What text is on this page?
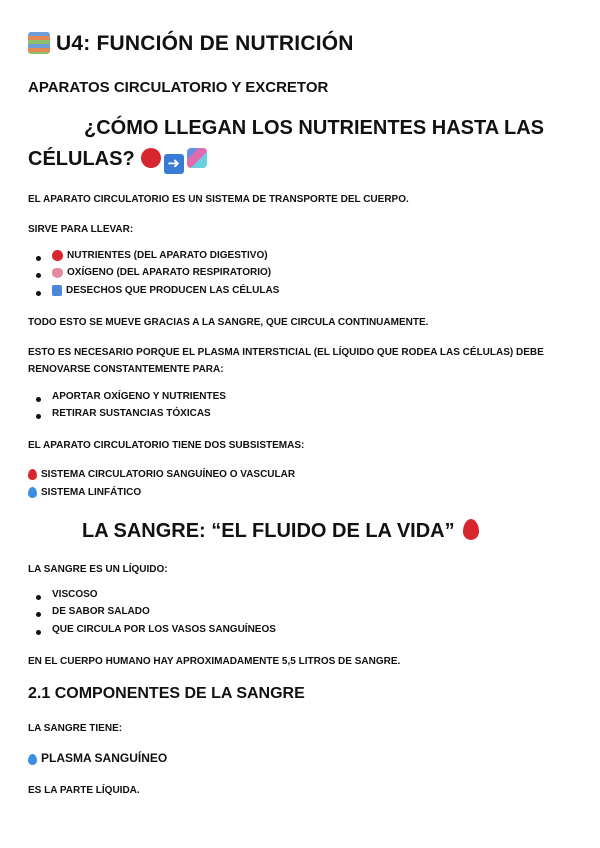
U4: FUNCIÓN DE NUTRICIÓN
APARATOS CIRCULATORIO Y EXCRETOR
¿CÓMO LLEGAN LOS NUTRIENTES HASTA LAS
CÉLULAS? ➜
EL APARATO CIRCULATORIO ES UN SISTEMA DE TRANSPORTE DEL CUERPO.
SIRVE PARA LLEVAR:
NUTRIENTES (DEL APARATO DIGESTIVO)
OXÍGENO (DEL APARATO RESPIRATORIO)
DESECHOS QUE PRODUCEN LAS CÉLULAS
TODO ESTO SE MUEVE GRACIAS A LA SANGRE, QUE CIRCULA CONTINUAMENTE.
ESTO ES NECESARIO PORQUE EL PLASMA INTERSTICIAL (EL LÍQUIDO QUE RODEA LAS CÉLULAS) DEBE
RENOVARSE CONSTANTEMENTE PARA:
APORTAR OXÍGENO Y NUTRIENTES
RETIRAR SUSTANCIAS TÓXICAS
EL APARATO CIRCULATORIO TIENE DOS SUBSISTEMAS:
SISTEMA CIRCULATORIO SANGUÍNEO O VASCULAR
SISTEMA LINFÁTICO
LA SANGRE: “EL FLUIDO DE LA VIDA”
LA SANGRE ES UN LÍQUIDO:
VISCOSO
DE SABOR SALADO
QUE CIRCULA POR LOS VASOS SANGUÍNEOS
EN EL CUERPO HUMANO HAY APROXIMADAMENTE 5,5 LITROS DE SANGRE.
2.1 COMPONENTES DE LA SANGRE
LA SANGRE TIENE:
PLASMA SANGUÍNEO
ES LA PARTE LÍQUIDA.
